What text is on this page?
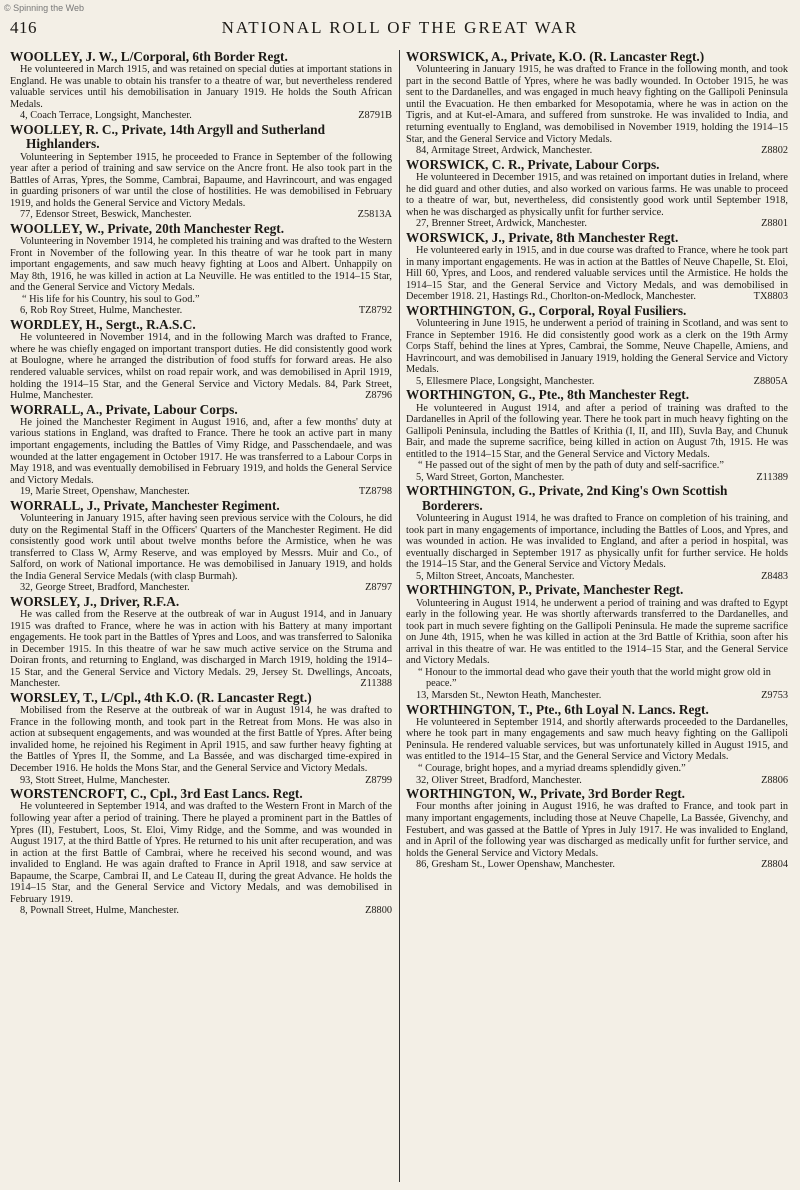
© Spinning the Web
416	NATIONAL ROLL OF THE GREAT WAR

WOOLLEY, J. W., L/Corporal, 6th Border Regt.

He volunteered in March 1915, and was retained on special duties at important stations in England. He was unable to obtain his transfer to a theatre of war, but nevertheless rendered valuable services until his demobilisation in January 1919. He holds the South African Medals.

4, Coach Terrace, Longsight, Manchester.	Z8791B

WOOLLEY, R. C., Private, 14th Argyll and Sutherland Highlanders.

Volunteering in September 1915, he proceeded to France in September of the following year after a period of training and saw service on the Ancre front. He also took part in the Battles of Arras, Ypres, the Somme, Cambrai, Bapaume, and Havrincourt, and was engaged in guarding prisoners of war until the close of hostilities. He was demobilised in February 1919, and holds the General Service and Victory Medals.

77, Edensor Street, Beswick, Manchester.	Z5813A

WOOLLEY, W., Private, 20th Manchester Regt.

Volunteering in November 1914, he completed his training and was drafted to the Western Front in November of the following year. In this theatre of war he took part in many important engagements, and saw much heavy fighting at Loos and Albert. Unhappily on May 8th, 1916, he was killed in action at La Neuville. He was entitled to the 1914–15 Star, and the General Service and Victory Medals.

“ His life for his Country, his soul to God.”

6, Rob Roy Street, Hulme, Manchester.	TZ8792

WORDLEY, H., Sergt., R.A.S.C.

He volunteered in November 1914, and in the following March was drafted to France, where he was chiefly engaged on important transport duties. He did consistently good work at Boulogne, where he arranged the distribution of food stuffs for forward areas. He also rendered valuable services, whilst on road repair work, and was demobilised in April 1919, holding the 1914–15 Star, and the General Service and Victory Medals. 84, Park Street, Hulme, Manchester.	Z8796

WORRALL, A., Private, Labour Corps.

He joined the Manchester Regiment in August 1916, and, after a few months' duty at various stations in England, was drafted to France. There he took an active part in many important engagements, including the Battles of Vimy Ridge, and Passchendaele, and was wounded at the latter engagement in October 1917. He was transferred to a Labour Corps in May 1918, and was eventually demobilised in February 1919, and holds the General Service and Victory Medals.

19, Marie Street, Openshaw, Manchester.	TZ8798

WORRALL, J., Private, Manchester Regiment.

Volunteering in January 1915, after having seen previous service with the Colours, he did duty on the Regimental Staff in the Officers' Quarters of the Manchester Regiment. He did consistently good work until about twelve months before the Armistice, when he was transferred to Class W, Army Reserve, and was employed by Messrs. Muir and Co., of Salford, on work of National importance. He was demobilised in January 1919, and holds the India General Service Medals (with clasp Burmah).

32, George Street, Bradford, Manchester.	Z8797

WORSLEY, J., Driver, R.F.A.

He was called from the Reserve at the outbreak of war in August 1914, and in January 1915 was drafted to France, where he was in action with his Battery at many important engagements. He took part in the Battles of Ypres and Loos, and was transferred to Salonika in December 1915. In this theatre of war he saw much active service on the Struma and Doiran fronts, and returning to England, was discharged in March 1919, holding the 1914–15 Star, and the General Service and Victory Medals. 29, Jersey St. Dwellings, Ancoats, Manchester.	Z11388

WORSLEY, T., L/Cpl., 4th K.O. (R. Lancaster Regt.)

Mobilised from the Reserve at the outbreak of war in August 1914, he was drafted to France in the following month, and took part in the Retreat from Mons. He was also in action at subsequent engagements, and was wounded at the first Battle of Ypres. After being invalided home, he rejoined his Regiment in April 1915, and saw further heavy fighting at the Battles of Ypres II, the Somme, and La Bassée, and was discharged time-expired in December 1916. He holds the Mons Star, and the General Service and Victory Medals.

93, Stott Street, Hulme, Manchester.	Z8799

WORSTENCROFT, C., Cpl., 3rd East Lancs. Regt.

He volunteered in September 1914, and was drafted to the Western Front in March of the following year after a period of training. There he played a prominent part in the Battles of Ypres (II), Festubert, Loos, St. Eloi, Vimy Ridge, and the Somme, and was wounded in August 1917, at the third Battle of Ypres. He returned to his unit after recuperation, and was in action at the first Battle of Cambrai, where he received his second wound, and was invalided to England. He was again drafted to France in April 1918, and saw service at Bapaume, the Scarpe, Cambrai II, and Le Cateau II, during the great Advance. He holds the 1914–15 Star, and the General Service and Victory Medals, and was demobilised in February 1919.

8, Pownall Street, Hulme, Manchester.	Z8800

WORSWICK, A., Private, K.O. (R. Lancaster Regt.)

Volunteering in January 1915, he was drafted to France in the following month, and took part in the second Battle of Ypres, where he was badly wounded. In October 1915, he was sent to the Dardanelles, and was engaged in much heavy fighting on the Gallipoli Peninsula until the Evacuation. He then embarked for Mesopotamia, where he was in action on the Tigris, and at Kut-el-Amara, and suffered from sunstroke. He was invalided to India, and returning eventually to England, was demobilised in November 1919, holding the 1914–15 Star, and the General Service and Victory Medals.

84, Armitage Street, Ardwick, Manchester.	Z8802

WORSWICK, C. R., Private, Labour Corps.

He volunteered in December 1915, and was retained on important duties in Ireland, where he did guard and other duties, and also worked on various farms. He was unable to proceed to a theatre of war, but, nevertheless, did consistently good work until September 1918, when he was discharged as physically unfit for further service.

27, Brenner Street, Ardwick, Manchester.	Z8801

WORSWICK, J., Private, 8th Manchester Regt.

He volunteered early in 1915, and in due course was drafted to France, where he took part in many important engagements. He was in action at the Battles of Neuve Chapelle, St. Eloi, Hill 60, Ypres, and Loos, and rendered valuable services until the Armistice. He holds the 1914–15 Star, and the General Service and Victory Medals, and was demobilised in December 1918. 21, Hastings Rd., Chorlton-on-Medlock, Manchester.	TX8803

WORTHINGTON, G., Corporal, Royal Fusiliers.

Volunteering in June 1915, he underwent a period of training in Scotland, and was sent to France in September 1916. He did consistently good work as a clerk on the 19th Army Corps Staff, behind the lines at Ypres, Cambrai, the Somme, Neuve Chapelle, Amiens, and Havrincourt, and was demobilised in January 1919, holding the General Service and Victory Medals.

5, Ellesmere Place, Longsight, Manchester.	Z8805A

WORTHINGTON, G., Pte., 8th Manchester Regt.

He volunteered in August 1914, and after a period of training was drafted to the Dardanelles in April of the following year. There he took part in much heavy fighting on the Gallipoli Peninsula, including the Battles of Krithia (I, II, and III), Suvla Bay, and Chunuk Bair, and made the supreme sacrifice, being killed in action on August 7th, 1915. He was entitled to the 1914–15 Star, and the General Service and Victory Medals.

“ He passed out of the sight of men by the path of duty and self-sacrifice.”

5, Ward Street, Gorton, Manchester.	Z11389

WORTHINGTON, G., Private, 2nd King's Own Scottish Borderers.

Volunteering in August 1914, he was drafted to France on completion of his training, and took part in many engagements of importance, including the Battles of Loos, and Ypres, and was wounded in action. He was invalided to England, and after a period in hospital, was eventually discharged in September 1917 as physically unfit for further service. He holds the 1914–15 Star, and the General Service and Victory Medals.

5, Milton Street, Ancoats, Manchester.	Z8483

WORTHINGTON, P., Private, Manchester Regt.

Volunteering in August 1914, he underwent a period of training and was drafted to Egypt early in the following year. He was shortly afterwards transferred to the Dardanelles, and took part in much severe fighting on the Gallipoli Peninsula. He made the supreme sacrifice on June 4th, 1915, when he was killed in action at the 3rd Battle of Krithia, soon after his arrival in this theatre of war. He was entitled to the 1914–15 Star, and the General Service and Victory Medals.

“ Honour to the immortal dead who gave their youth that the world might grow old in peace.”

13, Marsden St., Newton Heath, Manchester.	Z9753

WORTHINGTON, T., Pte., 6th Loyal N. Lancs. Regt.

He volunteered in September 1914, and shortly afterwards proceeded to the Dardanelles, where he took part in many engagements and saw much heavy fighting on the Gallipoli Peninsula. He rendered valuable services, but was unfortunately killed in August 1915, and was entitled to the 1914–15 Star, and the General Service and Victory Medals.

“ Courage, bright hopes, and a myriad dreams splendidly given.”

32, Oliver Street, Bradford, Manchester.	Z8806

WORTHINGTON, W., Private, 3rd Border Regt.

Four months after joining in August 1916, he was drafted to France, and took part in many important engagements, including those at Neuve Chapelle, La Bassée, Givenchy, and Festubert, and was gassed at the Battle of Ypres in July 1917. He was invalided to England, and in April of the following year was discharged as medically unfit for further service, and holds the General Service and Victory Medals.

86, Gresham St., Lower Openshaw, Manchester.	Z8804
